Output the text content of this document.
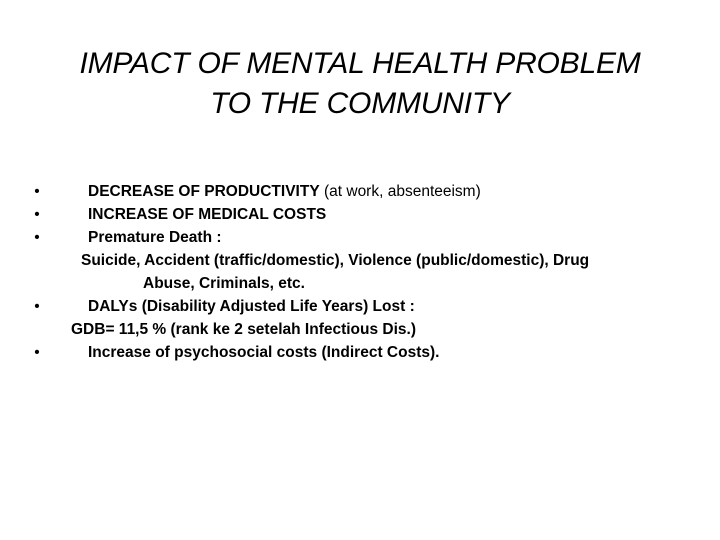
IMPACT OF MENTAL HEALTH PROBLEM
TO THE COMMUNITY
•	DECREASE OF PRODUCTIVITY (at work, absenteeism)
•	INCREASE OF MEDICAL COSTS
•	Premature Death :
Suicide, Accident (traffic/domestic), Violence (public/domestic), Drug
Abuse, Criminals, etc.
•	DALYs (Disability Adjusted Life Years) Lost :
GDB= 11,5 % (rank ke 2 setelah Infectious Dis.)
•	Increase of psychosocial costs (Indirect Costs).
